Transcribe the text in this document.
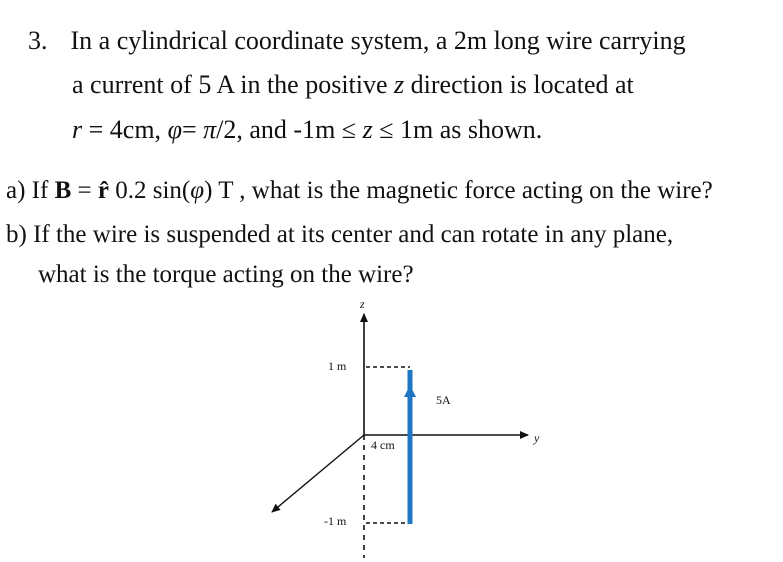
3. In a cylindrical coordinate system, a 2m long wire carrying
a current of 5 A in the positive z direction is located at
r = 4cm, φ= π/2, and -1m ≤ z ≤ 1m as shown.
a) If B = r̂ 0.2 sin(φ) T , what is the magnetic force acting on the wire?
b) If the wire is suspended at its center and can rotate in any plane,
what is the torque acting on the wire?
z
y
1 m
-1 m
5A
4 cm
